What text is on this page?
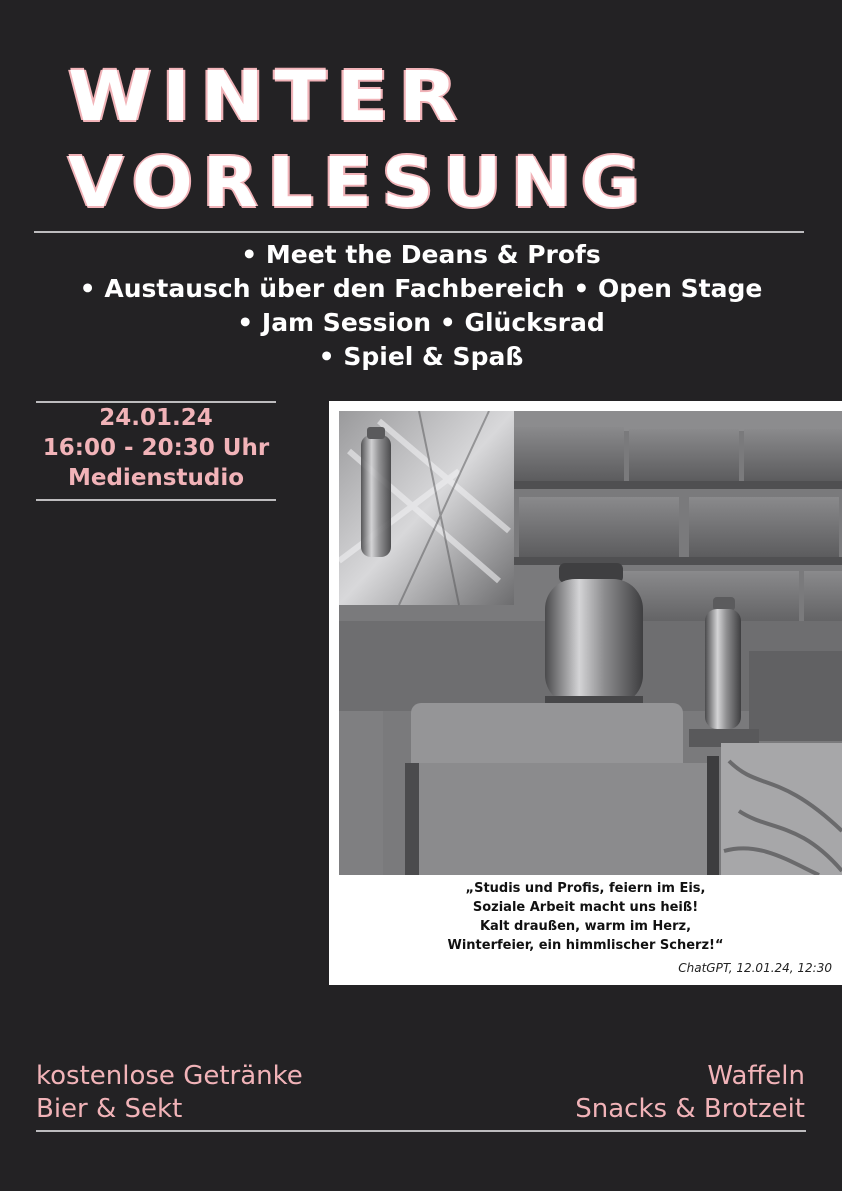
WINTER
VORLESUNG
• Meet the Deans & Profs
• Austausch über den Fachbereich • Open Stage
• Jam Session • Glücksrad
• Spiel & Spaß
24.01.24
16:00 - 20:30 Uhr
Medienstudio
„Studis und Profis, feiern im Eis,
Soziale Arbeit macht uns heiß!
Kalt draußen, warm im Herz,
Winterfeier, ein himmlischer Scherz!“
ChatGPT, 12.01.24, 12:30
kostenlose Getränke
Bier & Sekt
Waffeln
Snacks & Brotzeit
